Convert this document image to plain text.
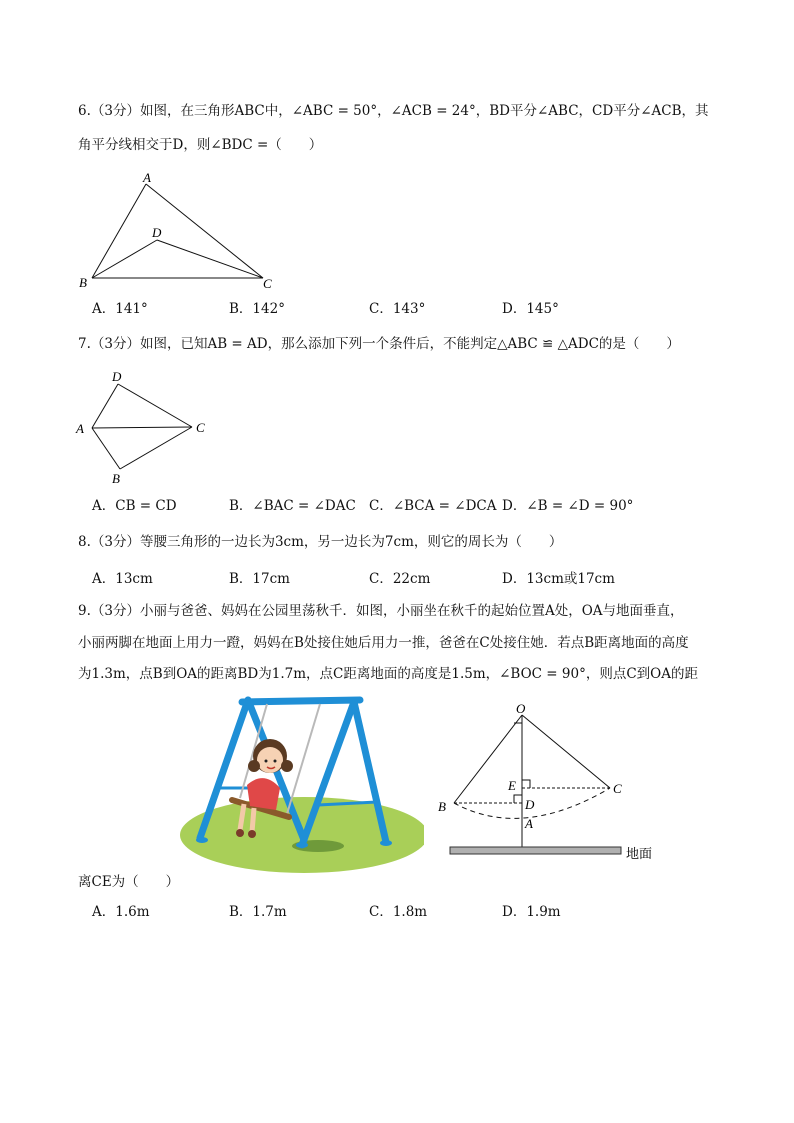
6.（3分）如图，在三角形ABC中，∠ABC = 50°，∠ACB = 24°，BD平分∠ABC，CD平分∠ACB，其
角平分线相交于D，则∠BDC =（　　）
A
D
B	C
A．141°	B．142°	C．143°	D．145°
7.（3分）如图，已知AB = AD，那么添加下列一个条件后，不能判定△ABC ≌ △ADC的是（　　）
D
A	C
B
A．CB = CD	B．∠BAC = ∠DAC C．∠BCA = ∠DCA D．∠B = ∠D = 90°
8.（3分）等腰三角形的一边长为3cm，另一边长为7cm，则它的周长为（　　）
A．13cm	B．17cm	C．22cm	D．13cm或17cm
9.（3分）小丽与爸爸、妈妈在公园里荡秋千．如图，小丽坐在秋千的起始位置A处，OA与地面垂直，
小丽两脚在地面上用力一蹬，妈妈在B处接住她后用力一推，爸爸在C处接住她．若点B距离地面的高度
为1.3m，点B到OA的距离BD为1.7m，点C距离地面的高度是1.5m，∠BOC = 90°，则点C到OA的距
O
E	C
B	D
A
地面
离CE为（　　）
A．1.6m	B．1.7m	C．1.8m	D．1.9m
